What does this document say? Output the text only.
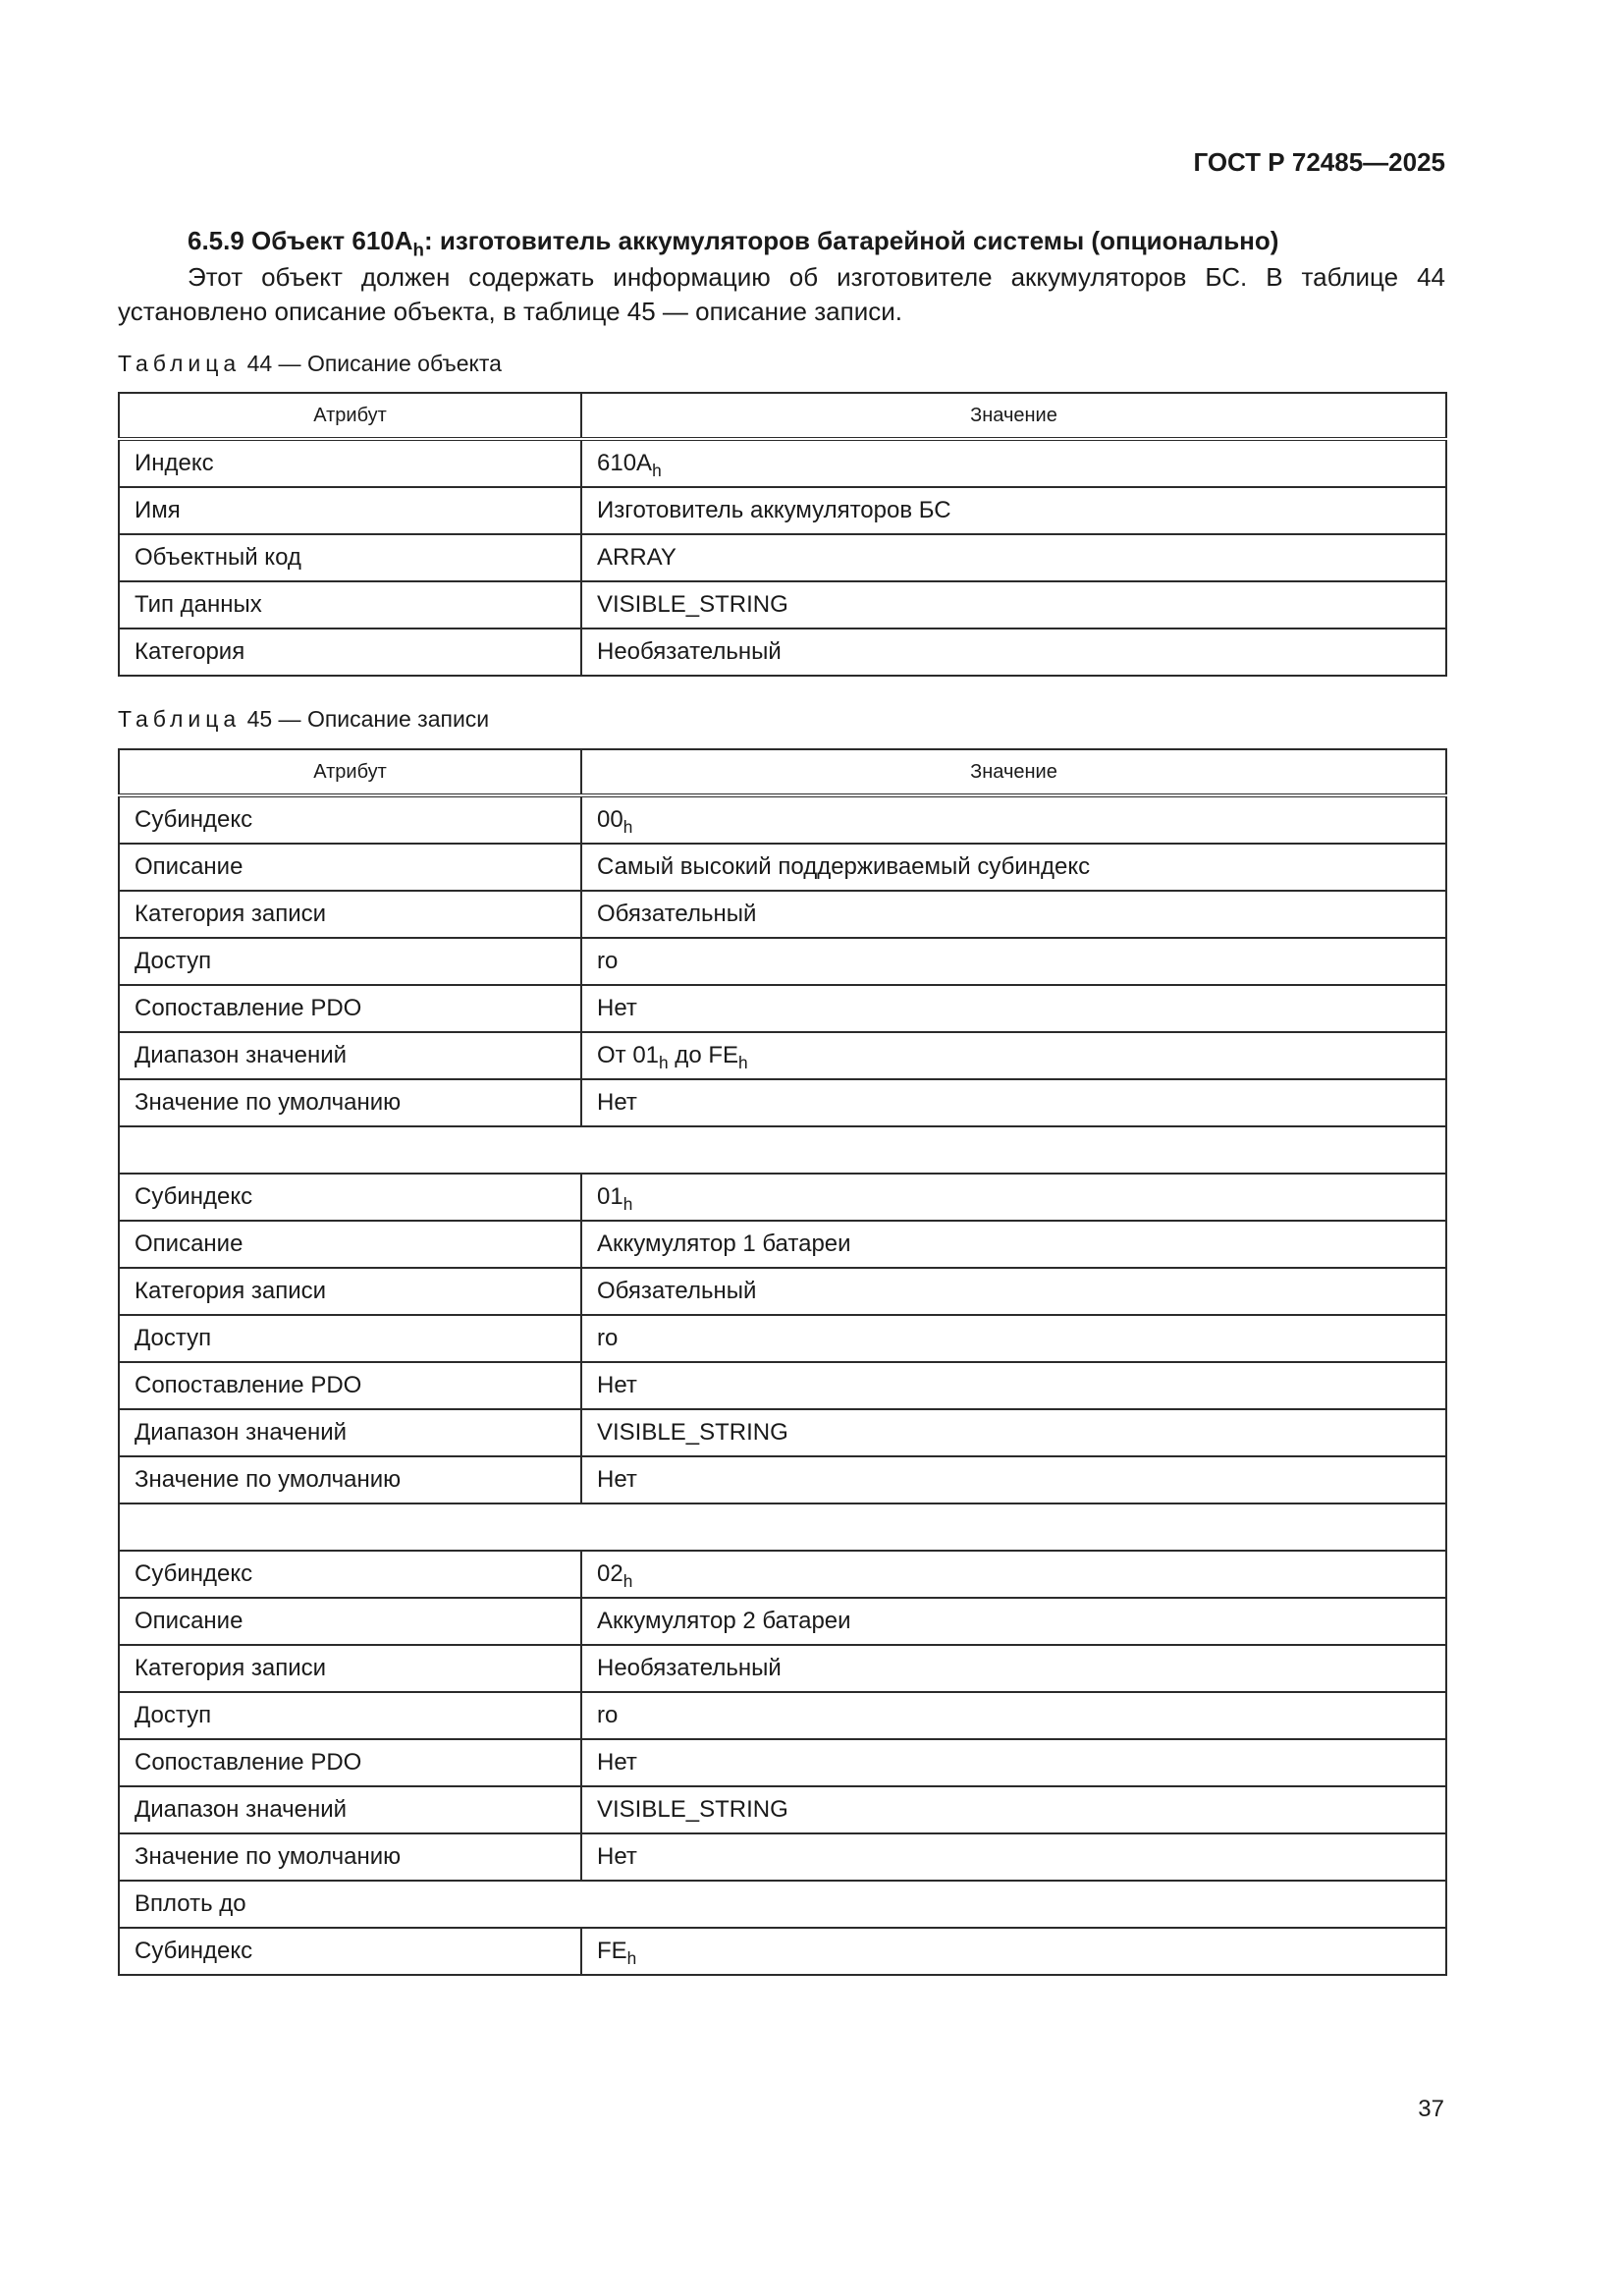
ГОСТ Р 72485—2025
6.5.9 Объект $610A_h$: изготовитель аккумуляторов батарейной системы (опционально)
Этот объект должен содержать информацию об изготовителе аккумуляторов БС. В таблице 44
установлено описание объекта, в таблице 45 — описание записи.
Таблица 44 — Описание объекта
Атрибут	Значение
Индекс	$610A_h$
Имя	Изготовитель аккумуляторов БС
Объектный код	ARRAY
Тип данных	VISIBLE_STRING
Категория	Необязательный
Таблица 45 — Описание записи
Атрибут	Значение
Субиндекс	$00_h$
Описание	Самый высокий поддерживаемый субиндекс
Категория записи	Обязательный
Доступ	ro
Сопоставление PDO	Нет
Диапазон значений	От $01_h$ до $FE_h$
Значение по умолчанию	Нет

Субиндекс	$01_h$
Описание	Аккумулятор 1 батареи
Категория записи	Обязательный
Доступ	ro
Сопоставление PDO	Нет
Диапазон значений	VISIBLE_STRING
Значение по умолчанию	Нет

Субиндекс	$02_h$
Описание	Аккумулятор 2 батареи
Категория записи	Необязательный
Доступ	ro
Сопоставление PDO	Нет
Диапазон значений	VISIBLE_STRING
Значение по умолчанию	Нет
Вплоть до	
Субиндекс	$FE_h$
37
